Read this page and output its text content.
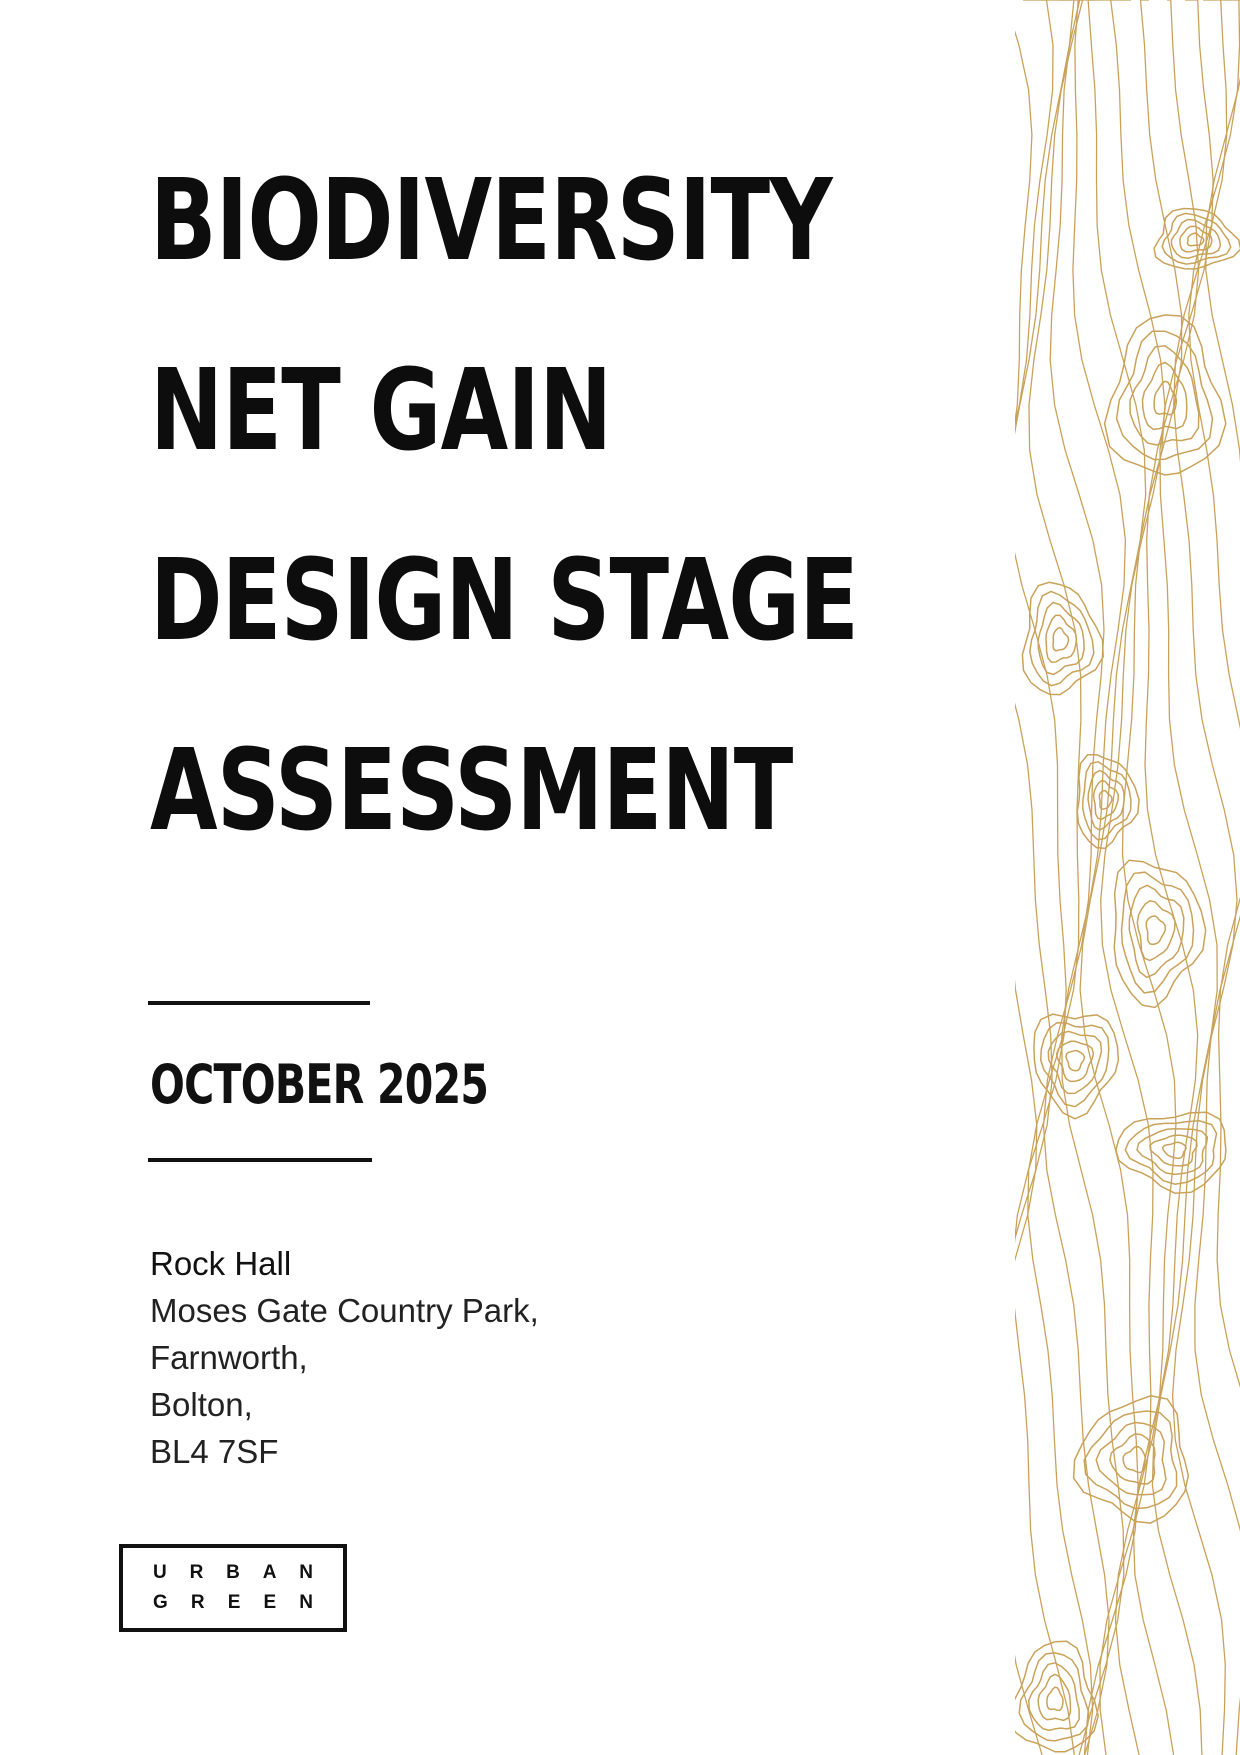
BIODIVERSITY
NET GAIN
DESIGN STAGE
ASSESSMENT
OCTOBER 2025
Rock Hall
Moses Gate Country Park,
Farnworth,
Bolton,
BL4 7SF
U R B A N
G R E E N
